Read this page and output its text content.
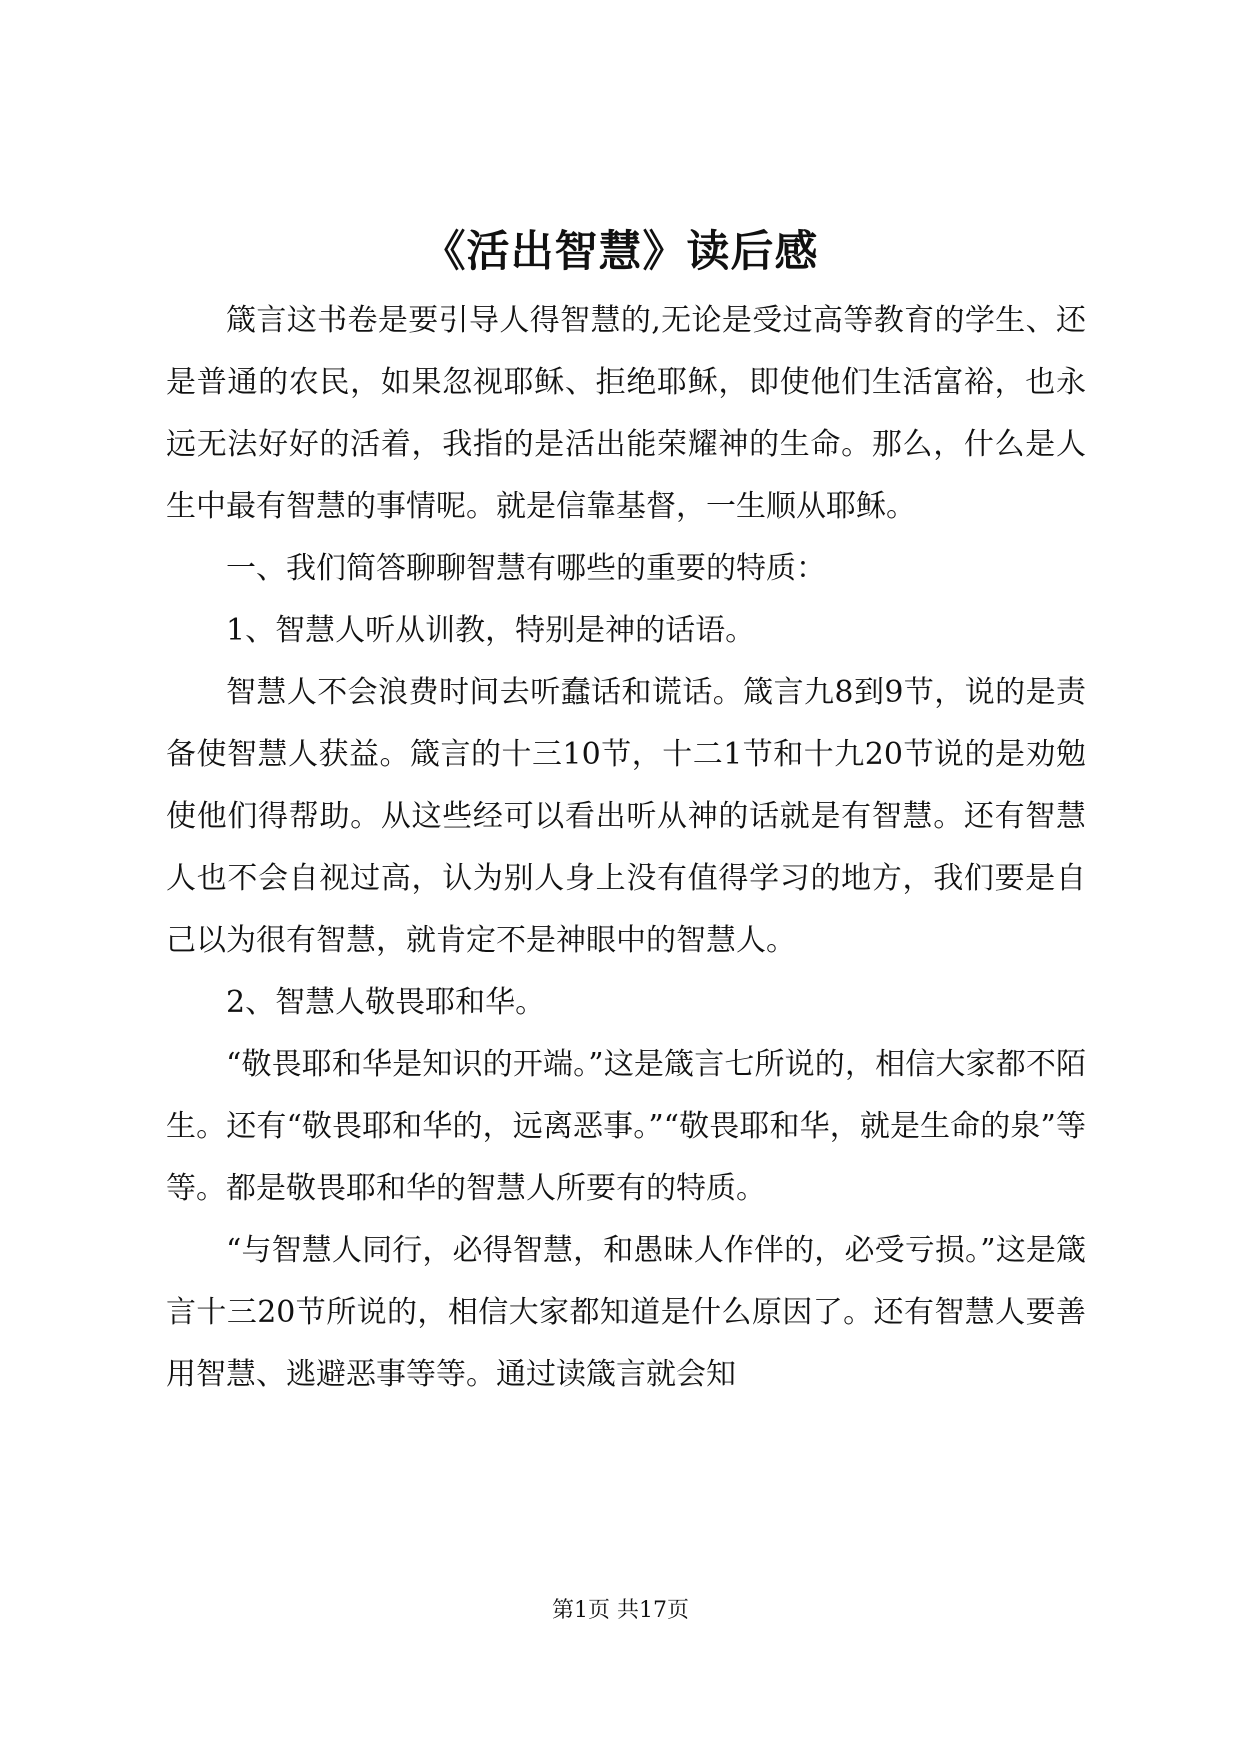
《活出智慧》读后感

箴言这书卷是要引导人得智慧的,无论是受过高等教育的学生、还是普通的农民，如果忽视耶稣、拒绝耶稣，即使他们生活富裕，也永远无法好好的活着，我指的是活出能荣耀神的生命。那么，什么是人生中最有智慧的事情呢。就是信靠基督，一生顺从耶稣。

一、我们简答聊聊智慧有哪些的重要的特质：

1、智慧人听从训教，特别是神的话语。

智慧人不会浪费时间去听蠢话和谎话。箴言九8到9节，说的是责备使智慧人获益。箴言的十三10节，十二1节和十九20节说的是劝勉使他们得帮助。从这些经可以看出听从神的话就是有智慧。还有智慧人也不会自视过高，认为别人身上没有值得学习的地方，我们要是自己以为很有智慧，就肯定不是神眼中的智慧人。

2、智慧人敬畏耶和华。

“敬畏耶和华是知识的开端。”这是箴言七所说的，相信大家都不陌生。还有“敬畏耶和华的，远离恶事。”“敬畏耶和华，就是生命的泉”等等。都是敬畏耶和华的智慧人所要有的特质。

“与智慧人同行，必得智慧，和愚昧人作伴的，必受亏损。”这是箴言十三20节所说的，相信大家都知道是什么原因了。还有智慧人要善用智慧、逃避恶事等等。通过读箴言就会知

第1页 共17页
